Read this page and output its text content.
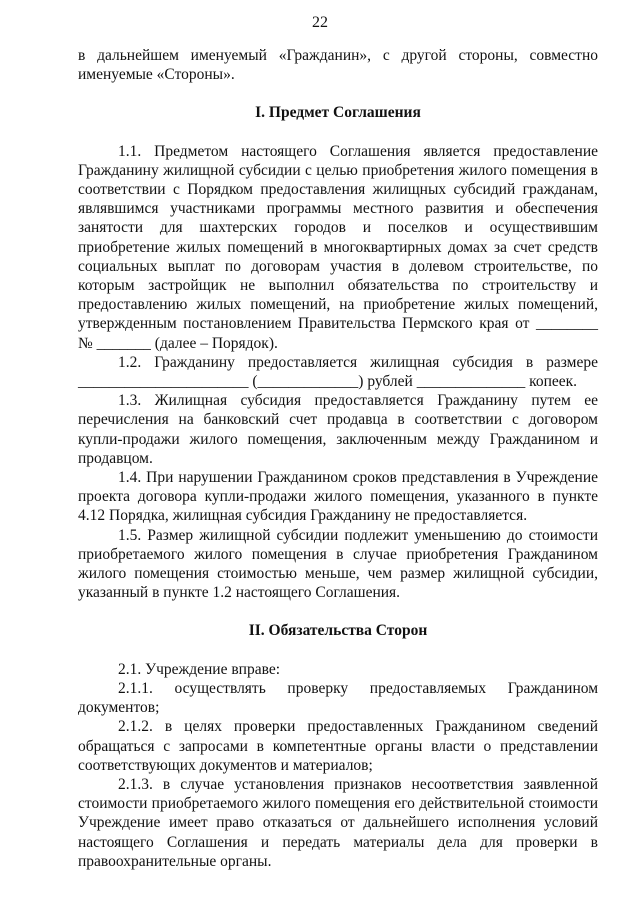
22

в дальнейшем именуемый «Гражданин», с другой стороны, совместно именуемые «Стороны».

I. Предмет Соглашения

1.1. Предметом настоящего Соглашения является предоставление Гражданину жилищной субсидии с целью приобретения жилого помещения в соответствии с Порядком предоставления жилищных субсидий гражданам, являвшимся участниками программы местного развития и обеспечения занятости для шахтерских городов и поселков и осуществившим приобретение жилых помещений в многоквартирных домах за счет средств социальных выплат по договорам участия в долевом строительстве, по которым застройщик не выполнил обязательства по строительству и предоставлению жилых помещений, на приобретение жилых помещений, утвержденным постановлением Правительства Пермского края от ________ № _______ (далее – Порядок).

1.2. Гражданину предоставляется жилищная субсидия в размере ______________________ (_____________) рублей ______________ копеек.

1.3. Жилищная субсидия предоставляется Гражданину путем ее перечисления на банковский счет продавца в соответствии с договором купли-продажи жилого помещения, заключенным между Гражданином и продавцом.

1.4. При нарушении Гражданином сроков представления в Учреждение проекта договора купли-продажи жилого помещения, указанного в пункте 4.12 Порядка, жилищная субсидия Гражданину не предоставляется.

1.5. Размер жилищной субсидии подлежит уменьшению до стоимости приобретаемого жилого помещения в случае приобретения Гражданином жилого помещения стоимостью меньше, чем размер жилищной субсидии, указанный в пункте 1.2 настоящего Соглашения.

II. Обязательства Сторон

2.1. Учреждение вправе:

2.1.1. осуществлять проверку предоставляемых Гражданином документов;

2.1.2. в целях проверки предоставленных Гражданином сведений обращаться с запросами в компетентные органы власти о представлении соответствующих документов и материалов;

2.1.3. в случае установления признаков несоответствия заявленной стоимости приобретаемого жилого помещения его действительной стоимости Учреждение имеет право отказаться от дальнейшего исполнения условий настоящего Соглашения и передать материалы дела для проверки в правоохранительные органы.
